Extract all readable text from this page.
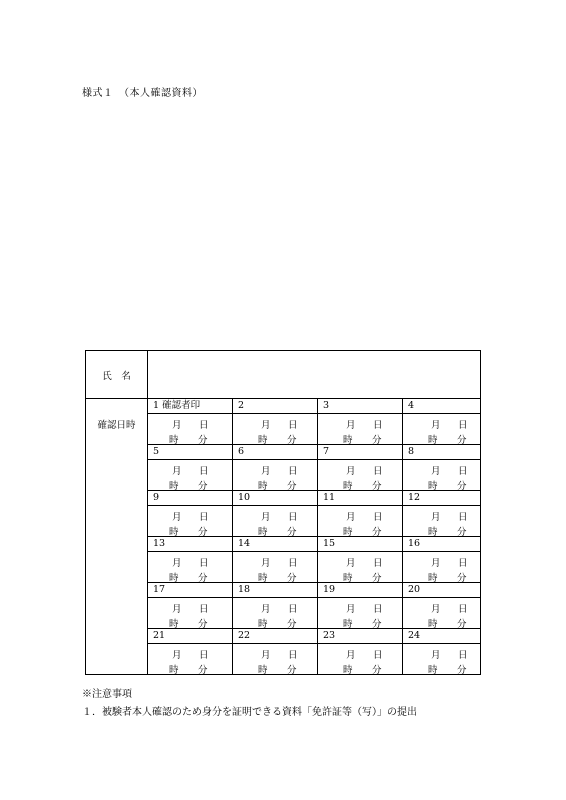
様式１　（本人確認資料）
氏　名				
確認日時	1 確認者印	2	3	4

	月 日
時 分	月 日
時 分	月 日
時 分	月 日
時 分

	5	6	7	8

	月 日
時 分	月 日
時 分	月 日
時 分	月 日
時 分

	9	10	11	12

	月 日
時 分	月 日
時 分	月 日
時 分	月 日
時 分

	13	14	15	16

	月 日
時 分	月 日
時 分	月 日
時 分	月 日
時 分

	17	18	19	20

	月 日
時 分	月 日
時 分	月 日
時 分	月 日
時 分

	21	22	23	24

	月 日
時 分	月 日
時 分	月 日
時 分	月 日
時 分
※注意事項
１．被験者本人確認のため身分を証明できる資料「免許証等（写）」の提出
